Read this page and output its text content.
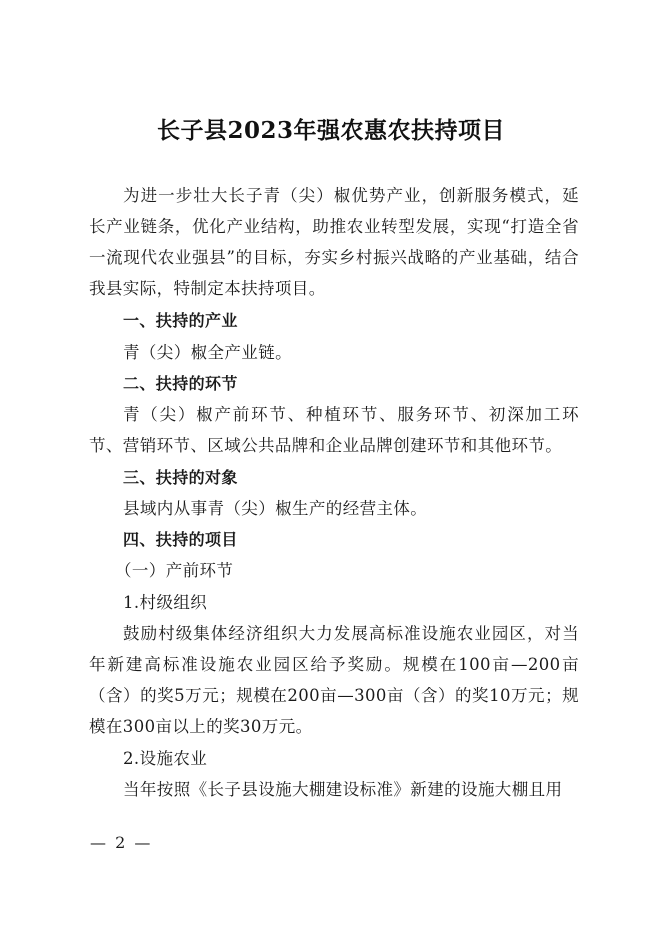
长子县2023年强农惠农扶持项目
为进一步壮大长子青（尖）椒优势产业，创新服务模式，延长产业链条，优化产业结构，助推农业转型发展，实现“打造全省一流现代农业强县”的目标，夯实乡村振兴战略的产业基础，结合我县实际，特制定本扶持项目。
一、扶持的产业
青（尖）椒全产业链。
二、扶持的环节
青（尖）椒产前环节、种植环节、服务环节、初深加工环节、营销环节、区域公共品牌和企业品牌创建环节和其他环节。
三、扶持的对象
县域内从事青（尖）椒生产的经营主体。
四、扶持的项目
（一）产前环节
1.村级组织
鼓励村级集体经济组织大力发展高标准设施农业园区，对当年新建高标准设施农业园区给予奖励。规模在100亩—200亩（含）的奖5万元；规模在200亩—300亩（含）的奖10万元；规模在300亩以上的奖30万元。
2.设施农业
当年按照《长子县设施大棚建设标准》新建的设施大棚且用
— 2 —
